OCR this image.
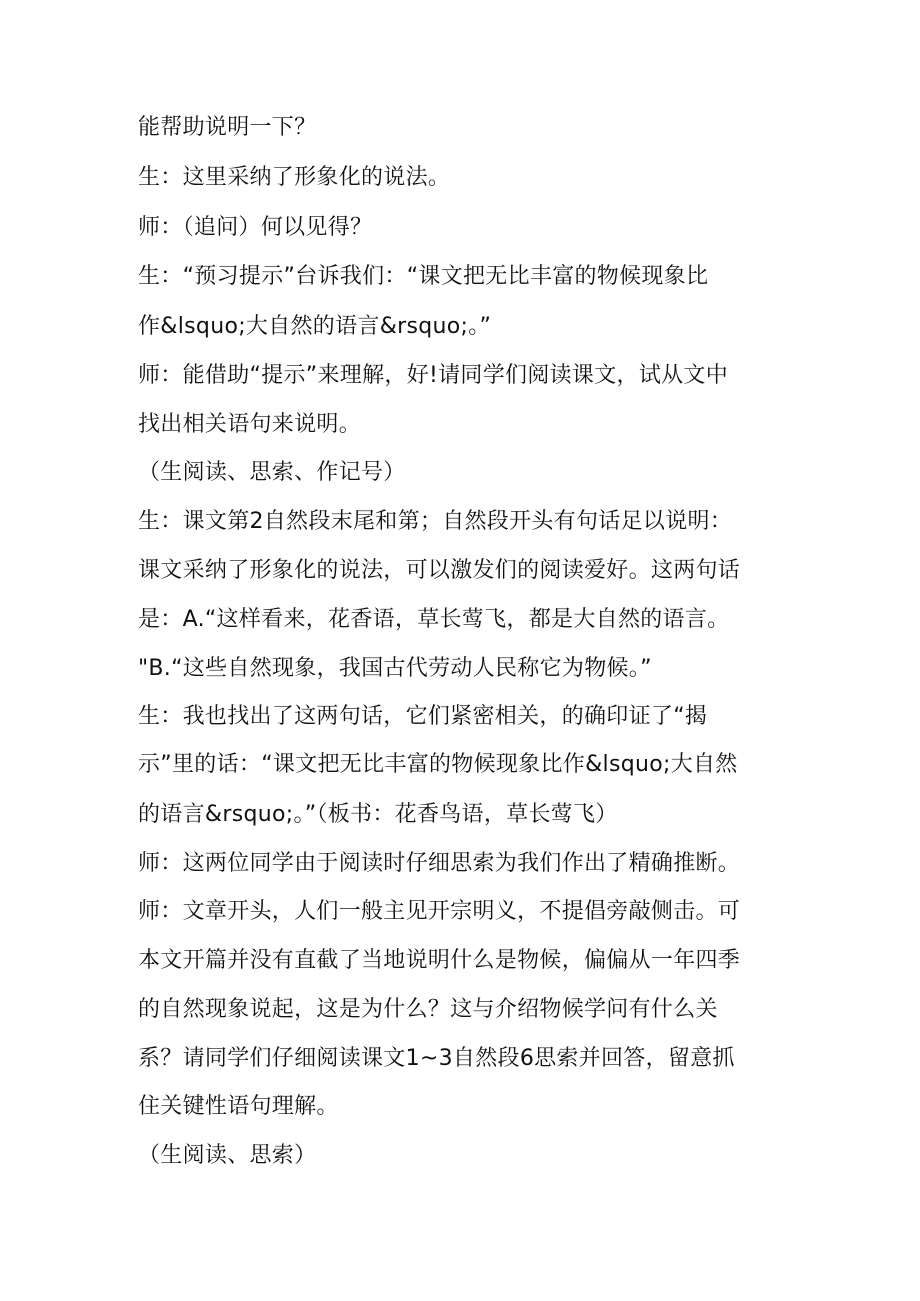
能帮助说明一下？
生：这里采纳了形象化的说法。
师：（追问）何以见得？
生：“预习提示”台诉我们：“课文把无比丰富的物候现象比
作&lsquo;大自然的语言&rsquo;。”
师：能借助“提示”来理解，好!请同学们阅读课文，试从文中
找出相关语句来说明。
（生阅读、思索、作记号）
生：课文第2自然段末尾和第；自然段开头有句话足以说明：
课文采纳了形象化的说法，可以激发们的阅读爱好。这两句话
是：A.“这样看来，花香语，草长莺飞，都是大自然的语言。
"B.“这些自然现象，我国古代劳动人民称它为物候。”
生：我也找出了这两句话，它们紧密相关，的确印证了“揭
示”里的话：“课文把无比丰富的物候现象比作&lsquo;大自然
的语言&rsquo;。”（板书：花香鸟语，草长莺飞）
师：这两位同学由于阅读时仔细思索为我们作出了精确推断。
师：文章开头，人们一般主见开宗明义，不提倡旁敲侧击。可
本文开篇并没有直截了当地说明什么是物候，偏偏从一年四季
的自然现象说起，这是为什么？这与介绍物候学问有什么关
系？请同学们仔细阅读课文1~3自然段6思索并回答，留意抓
住关键性语句理解。
（生阅读、思索）
